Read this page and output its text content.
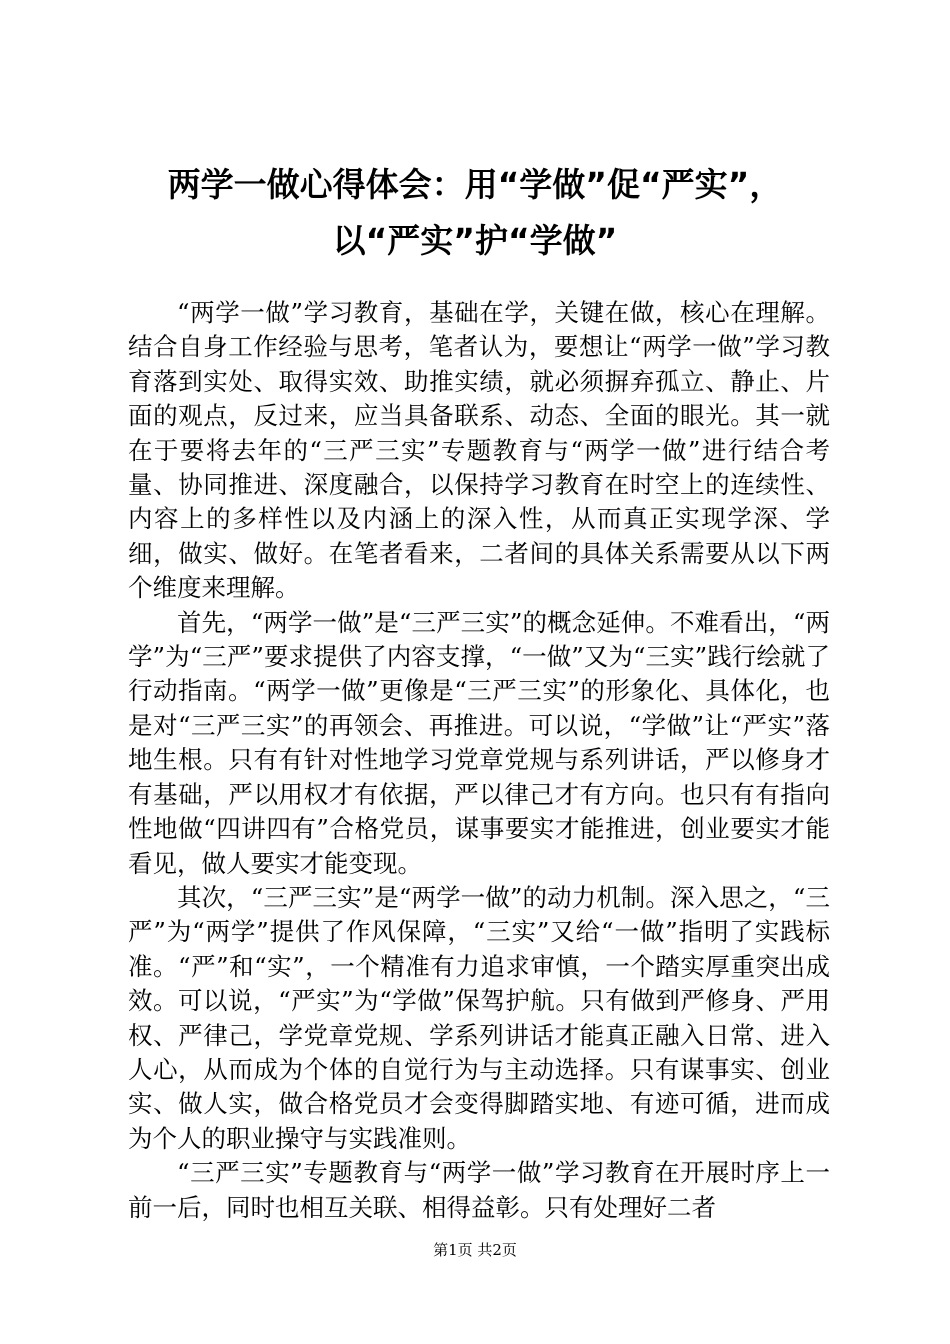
两学一做心得体会：用“学做”促“严实”，
以“严实”护“学做”

“两学一做”学习教育，基础在学，关键在做，核心在理解。结合自身工作经验与思考，笔者认为，要想让“两学一做”学习教育落到实处、取得实效、助推实绩，就必须摒弃孤立、静止、片面的观点，反过来，应当具备联系、动态、全面的眼光。其一就在于要将去年的“三严三实”专题教育与“两学一做”进行结合考量、协同推进、深度融合，以保持学习教育在时空上的连续性、内容上的多样性以及内涵上的深入性，从而真正实现学深、学细，做实、做好。在笔者看来，二者间的具体关系需要从以下两个维度来理解。

首先，“两学一做”是“三严三实”的概念延伸。不难看出，“两学”为“三严”要求提供了内容支撑，“一做”又为“三实”践行绘就了行动指南。“两学一做”更像是“三严三实”的形象化、具体化，也是对“三严三实”的再领会、再推进。可以说，“学做”让“严实”落地生根。只有有针对性地学习党章党规与系列讲话，严以修身才有基础，严以用权才有依据，严以律己才有方向。也只有有指向性地做“四讲四有”合格党员，谋事要实才能推进，创业要实才能看见，做人要实才能变现。

其次，“三严三实”是“两学一做”的动力机制。深入思之，“三严”为“两学”提供了作风保障，“三实”又给“一做”指明了实践标准。“严”和“实”，一个精准有力追求审慎，一个踏实厚重突出成效。可以说，“严实”为“学做”保驾护航。只有做到严修身、严用权、严律己，学党章党规、学系列讲话才能真正融入日常、进入人心，从而成为个体的自觉行为与主动选择。只有谋事实、创业实、做人实，做合格党员才会变得脚踏实地、有迹可循，进而成为个人的职业操守与实践准则。

“三严三实”专题教育与“两学一做”学习教育在开展时序上一前一后，同时也相互关联、相得益彰。只有处理好二者

第1页 共2页
